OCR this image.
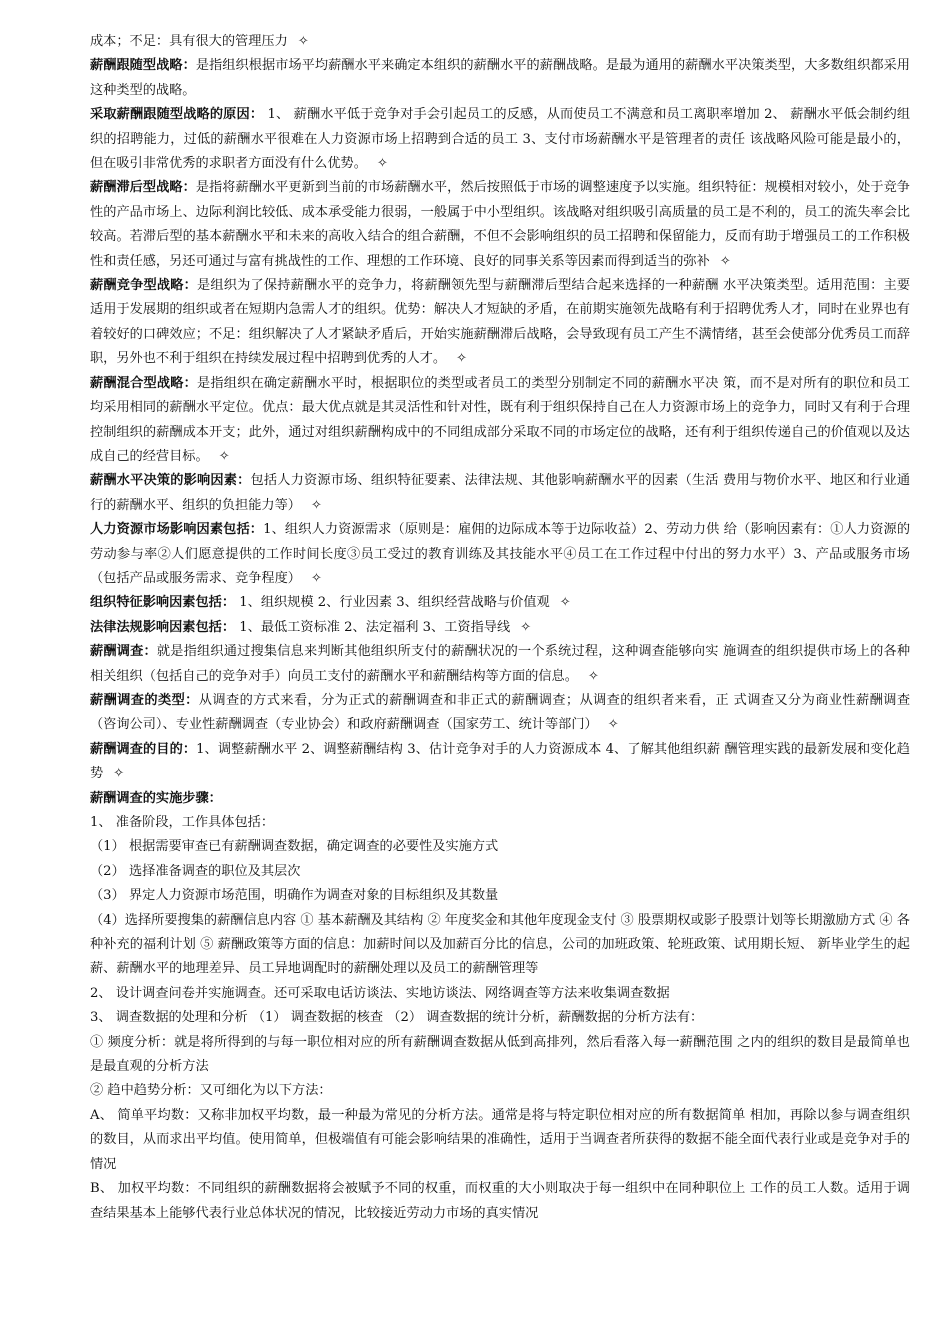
成本；不足：具有很大的管理压力 ✧

薪酬跟随型战略：是指组织根据市场平均薪酬水平来确定本组织的薪酬水平的薪酬战略。是最为通用的薪酬水平决策类型，大多数组织都采用这种类型的战略。

采取薪酬跟随型战略的原因： 1、 薪酬水平低于竞争对手会引起员工的反感，从而使员工不满意和员工离职率增加 2、 薪酬水平低会制约组织的招聘能力，过低的薪酬水平很难在人力资源市场上招聘到合适的员工 3、支付市场薪酬水平是管理者的责任 该战略风险可能是最小的，但在吸引非常优秀的求职者方面没有什么优势。 ✧

薪酬滞后型战略：是指将薪酬水平更新到当前的市场薪酬水平，然后按照低于市场的调整速度予以实施。组织特征：规模相对较小，处于竞争性的产品市场上、边际利润比较低、成本承受能力很弱，一般属于中小型组织。该战略对组织吸引高质量的员工是不利的，员工的流失率会比较高。若滞后型的基本薪酬水平和未来的高收入结合的组合薪酬，不但不会影响组织的员工招聘和保留能力，反而有助于增强员工的工作积极性和责任感，另还可通过与富有挑战性的工作、理想的工作环境、良好的同事关系等因素而得到适当的弥补 ✧

薪酬竞争型战略：是组织为了保持薪酬水平的竞争力，将薪酬领先型与薪酬滞后型结合起来选择的一种薪酬 水平决策类型。适用范围：主要适用于发展期的组织或者在短期内急需人才的组织。优势：解决人才短缺的矛盾，在前期实施领先战略有利于招聘优秀人才，同时在业界也有着较好的口碑效应；不足：组织解决了人才紧缺矛盾后，开始实施薪酬滞后战略，会导致现有员工产生不满情绪，甚至会使部分优秀员工而辞职，另外也不利于组织在持续发展过程中招聘到优秀的人才。 ✧

薪酬混合型战略：是指组织在确定薪酬水平时，根据职位的类型或者员工的类型分别制定不同的薪酬水平决 策，而不是对所有的职位和员工均采用相同的薪酬水平定位。优点：最大优点就是其灵活性和针对性，既有利于组织保持自己在人力资源市场上的竞争力，同时又有利于合理控制组织的薪酬成本开支；此外，通过对组织薪酬构成中的不同组成部分采取不同的市场定位的战略，还有利于组织传递自己的价值观以及达成自己的经营目标。 ✧

薪酬水平决策的影响因素：包括人力资源市场、组织特征要素、法律法规、其他影响薪酬水平的因素（生活 费用与物价水平、地区和行业通行的薪酬水平、组织的负担能力等） ✧

人力资源市场影响因素包括：1、组织人力资源需求（原则是：雇佣的边际成本等于边际收益）2、劳动力供 给（影响因素有：①人力资源的劳动参与率②人们愿意提供的工作时间长度③员工受过的教育训练及其技能水平④员工在工作过程中付出的努力水平）3、产品或服务市场（包括产品或服务需求、竞争程度） ✧

组织特征影响因素包括： 1、组织规模 2、行业因素 3、组织经营战略与价值观 ✧

法律法规影响因素包括： 1、最低工资标准 2、法定福利 3、工资指导线 ✧

薪酬调查：就是指组织通过搜集信息来判断其他组织所支付的薪酬状况的一个系统过程，这种调查能够向实 施调查的组织提供市场上的各种相关组织（包括自己的竞争对手）向员工支付的薪酬水平和薪酬结构等方面的信息。 ✧

薪酬调查的类型：从调查的方式来看，分为正式的薪酬调查和非正式的薪酬调查；从调查的组织者来看，正 式调查又分为商业性薪酬调查（咨询公司）、专业性薪酬调查（专业协会）和政府薪酬调查（国家劳工、统计等部门） ✧

薪酬调查的目的：1、调整薪酬水平 2、调整薪酬结构 3、估计竞争对手的人力资源成本 4、了解其他组织薪 酬管理实践的最新发展和变化趋势 ✧

薪酬调查的实施步骤：

1、 准备阶段，工作具体包括：

（1） 根据需要审查已有薪酬调查数据，确定调查的必要性及实施方式

（2） 选择准备调查的职位及其层次

（3） 界定人力资源市场范围，明确作为调查对象的目标组织及其数量

（4）选择所要搜集的薪酬信息内容 ① 基本薪酬及其结构 ② 年度奖金和其他年度现金支付 ③ 股票期权或影子股票计划等长期激励方式 ④ 各种补充的福利计划 ⑤ 薪酬政策等方面的信息：加薪时间以及加薪百分比的信息，公司的加班政策、轮班政策、试用期长短、 新毕业学生的起薪、薪酬水平的地理差异、员工异地调配时的薪酬处理以及员工的薪酬管理等

2、 设计调查问卷并实施调查。还可采取电话访谈法、实地访谈法、网络调查等方法来收集调查数据

3、 调查数据的处理和分析 （1） 调查数据的核查 （2） 调查数据的统计分析，薪酬数据的分析方法有：

① 频度分析：就是将所得到的与每一职位相对应的所有薪酬调查数据从低到高排列，然后看落入每一薪酬范围 之内的组织的数目是最简单也是最直观的分析方法

② 趋中趋势分析：又可细化为以下方法：

A、 简单平均数：又称非加权平均数，最一种最为常见的分析方法。通常是将与特定职位相对应的所有数据简单 相加，再除以参与调查组织的数目，从而求出平均值。使用简单，但极端值有可能会影响结果的准确性，适用于当调查者所获得的数据不能全面代表行业或是竞争对手的情况

B、 加权平均数：不同组织的薪酬数据将会被赋予不同的权重，而权重的大小则取决于每一组织中在同种职位上 工作的员工人数。适用于调查结果基本上能够代表行业总体状况的情况，比较接近劳动力市场的真实情况
